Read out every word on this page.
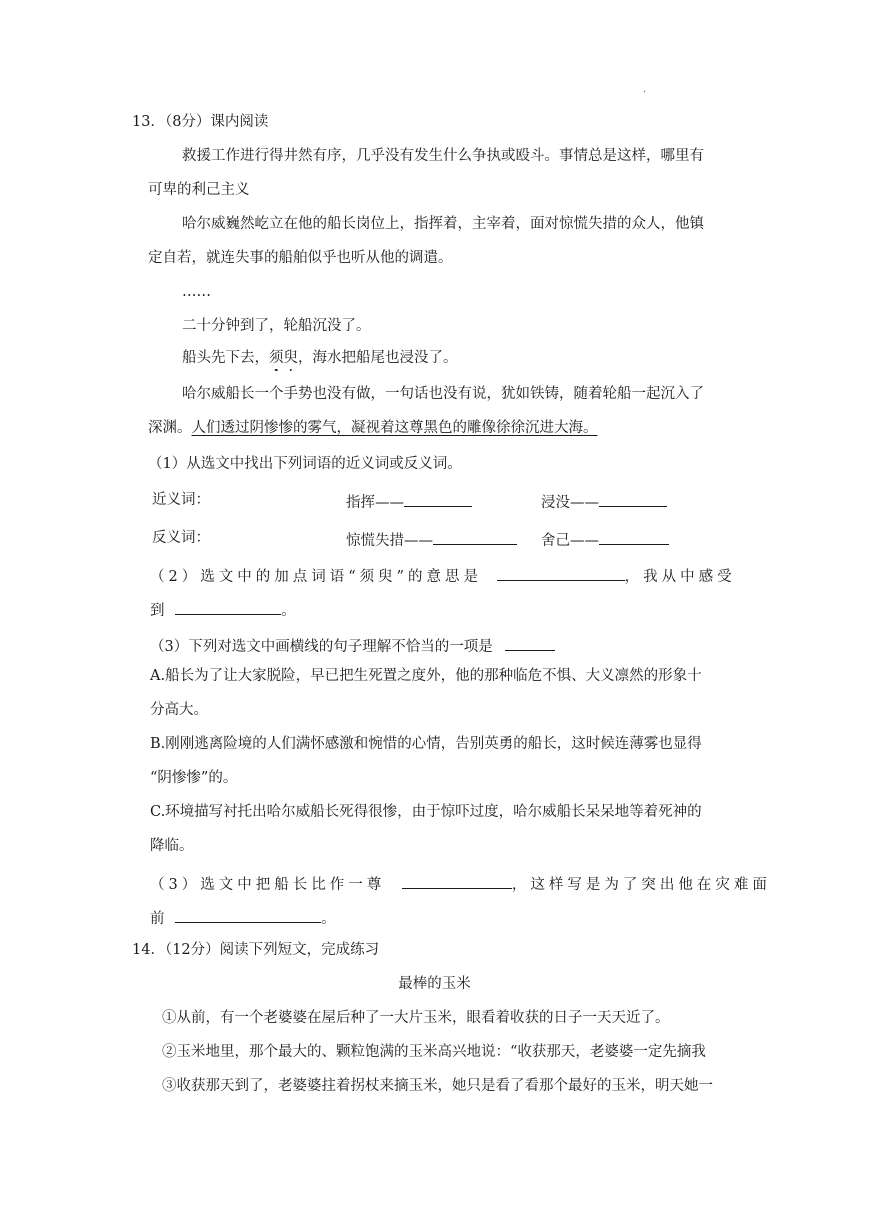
.
13．（8分）课内阅读
救援工作进行得井然有序，几乎没有发生什么争执或殴斗。事情总是这样，哪里有
可卑的利己主义
哈尔威巍然屹立在他的船长岗位上，指挥着，主宰着，面对惊慌失措的众人，他镇
定自若，就连失事的船舶似乎也听从他的调遣。
……
二十分钟到了，轮船沉没了。
船头先下去，须臾，海水把船尾也浸没了。
哈尔威船长一个手势也没有做，一句话也没有说，犹如铁铸，随着轮船一起沉入了
深渊。人们透过阴惨惨的雾气，凝视着这尊黑色的雕像徐徐沉进大海。
（1）从选文中找出下列词语的近义词或反义词。
近义词：	指挥——	浸没——
反义词：	惊慌失措——	舍己——
（2）选文中的加点词语“须臾”的意思是	，我从中感受
到	。
（3）下列对选文中画横线的句子理解不恰当的一项是
A.船长为了让大家脱险，早已把生死置之度外，他的那种临危不惧、大义凛然的形象十
分高大。
B.刚刚逃离险境的人们满怀感激和惋惜的心情，告别英勇的船长，这时候连薄雾也显得
“阴惨惨”的。
C.环境描写衬托出哈尔威船长死得很惨，由于惊吓过度，哈尔威船长呆呆地等着死神的
降临。
（3）选文中把船长比作一尊	，这样写是为了突出他在灾难面
前	。
14．（12分）阅读下列短文，完成练习
最棒的玉米
①从前，有一个老婆婆在屋后种了一大片玉米，眼看着收获的日子一天天近了。
②玉米地里，那个最大的、颗粒饱满的玉米高兴地说：“收获那天，老婆婆一定先摘我
③收获那天到了，老婆婆拄着拐杖来摘玉米，她只是看了看那个最好的玉米，明天她一
